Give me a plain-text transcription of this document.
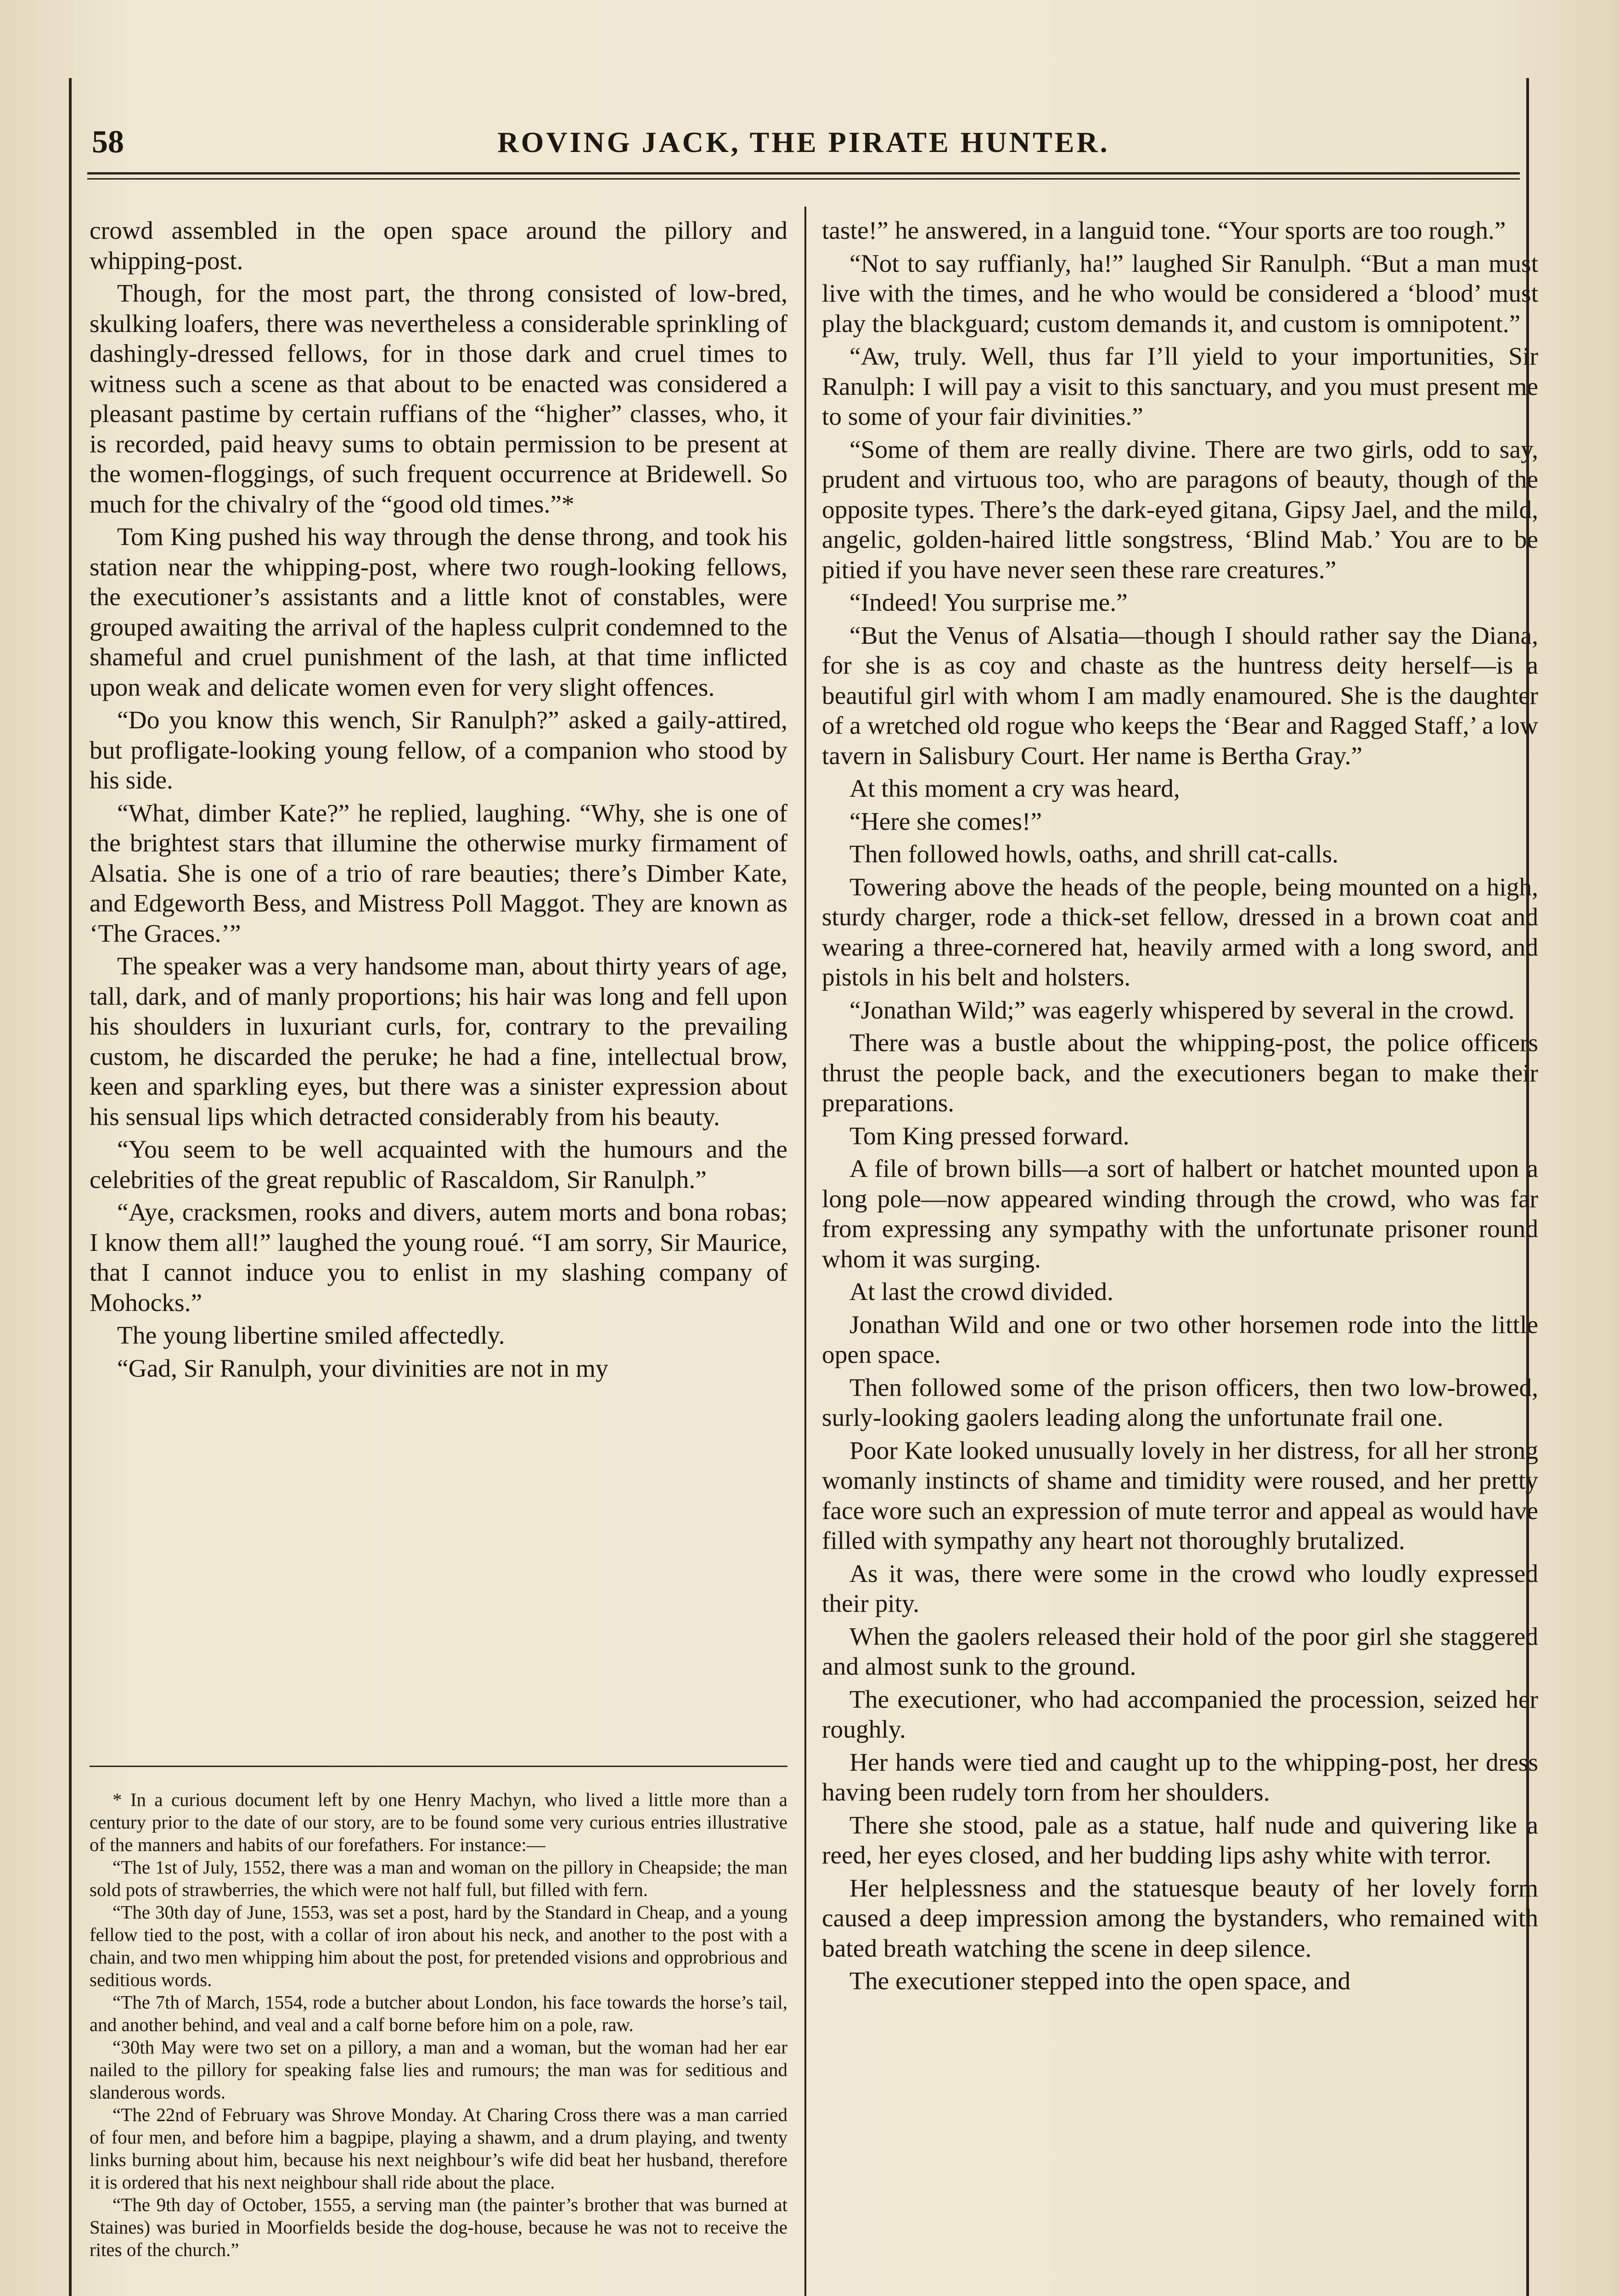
58	ROVING JACK, THE PIRATE HUNTER.

crowd assembled in the open space around the pillory and whipping-post.

Though, for the most part, the throng consisted of low-bred, skulking loafers, there was nevertheless a considerable sprinkling of dashingly-dressed fellows, for in those dark and cruel times to witness such a scene as that about to be enacted was considered a pleasant pastime by certain ruffians of the “higher” classes, who, it is recorded, paid heavy sums to obtain permission to be present at the women-floggings, of such frequent occurrence at Bridewell. So much for the chivalry of the “good old times.”*

Tom King pushed his way through the dense throng, and took his station near the whipping-post, where two rough-looking fellows, the executioner’s assistants and a little knot of constables, were grouped awaiting the arrival of the hapless culprit condemned to the shameful and cruel punishment of the lash, at that time inflicted upon weak and delicate women even for very slight offences.

“Do you know this wench, Sir Ranulph?” asked a gaily-attired, but profligate-looking young fellow, of a companion who stood by his side.

“What, dimber Kate?” he replied, laughing. “Why, she is one of the brightest stars that illumine the otherwise murky firmament of Alsatia. She is one of a trio of rare beauties; there’s Dimber Kate, and Edgeworth Bess, and Mistress Poll Maggot. They are known as ‘The Graces.’”

The speaker was a very handsome man, about thirty years of age, tall, dark, and of manly proportions; his hair was long and fell upon his shoulders in luxuriant curls, for, contrary to the prevailing custom, he discarded the peruke; he had a fine, intellectual brow, keen and sparkling eyes, but there was a sinister expression about his sensual lips which detracted considerably from his beauty.

“You seem to be well acquainted with the humours and the celebrities of the great republic of Rascaldom, Sir Ranulph.”

“Aye, cracksmen, rooks and divers, autem morts and bona robas; I know them all!” laughed the young roué. “I am sorry, Sir Maurice, that I cannot induce you to enlist in my slashing company of Mohocks.”

The young libertine smiled affectedly.

“Gad, Sir Ranulph, your divinities are not in my

* In a curious document left by one Henry Machyn, who lived a little more than a century prior to the date of our story, are to be found some very curious entries illustrative of the manners and habits of our forefathers. For instance:—

“The 1st of July, 1552, there was a man and woman on the pillory in Cheapside; the man sold pots of strawberries, the which were not half full, but filled with fern.

“The 30th day of June, 1553, was set a post, hard by the Standard in Cheap, and a young fellow tied to the post, with a collar of iron about his neck, and another to the post with a chain, and two men whipping him about the post, for pretended visions and opprobrious and seditious words.

“The 7th of March, 1554, rode a butcher about London, his face towards the horse’s tail, and another behind, and veal and a calf borne before him on a pole, raw.

“30th May were two set on a pillory, a man and a woman, but the woman had her ear nailed to the pillory for speaking false lies and rumours; the man was for seditious and slanderous words.

“The 22nd of February was Shrove Monday. At Charing Cross there was a man carried of four men, and before him a bagpipe, playing a shawm, and a drum playing, and twenty links burning about him, because his next neighbour’s wife did beat her husband, therefore it is ordered that his next neighbour shall ride about the place.

“The 9th day of October, 1555, a serving man (the painter’s brother that was burned at Staines) was buried in Moorfields beside the dog-house, because he was not to receive the rites of the church.”

taste!” he answered, in a languid tone. “Your sports are too rough.”

“Not to say ruffianly, ha!” laughed Sir Ranulph. “But a man must live with the times, and he who would be considered a ‘blood’ must play the blackguard; custom demands it, and custom is omnipotent.”

“Aw, truly. Well, thus far I’ll yield to your importunities, Sir Ranulph: I will pay a visit to this sanctuary, and you must present me to some of your fair divinities.”

“Some of them are really divine. There are two girls, odd to say, prudent and virtuous too, who are paragons of beauty, though of the opposite types. There’s the dark-eyed gitana, Gipsy Jael, and the mild, angelic, golden-haired little songstress, ‘Blind Mab.’ You are to be pitied if you have never seen these rare creatures.”

“Indeed! You surprise me.”

“But the Venus of Alsatia—though I should rather say the Diana, for she is as coy and chaste as the huntress deity herself—is a beautiful girl with whom I am madly enamoured. She is the daughter of a wretched old rogue who keeps the ‘Bear and Ragged Staff,’ a low tavern in Salisbury Court. Her name is Bertha Gray.”

At this moment a cry was heard,

“Here she comes!”

Then followed howls, oaths, and shrill cat-calls.

Towering above the heads of the people, being mounted on a high, sturdy charger, rode a thick-set fellow, dressed in a brown coat and wearing a three-cornered hat, heavily armed with a long sword, and pistols in his belt and holsters.

“Jonathan Wild;” was eagerly whispered by several in the crowd.

There was a bustle about the whipping-post, the police officers thrust the people back, and the executioners began to make their preparations.

Tom King pressed forward.

A file of brown bills—a sort of halbert or hatchet mounted upon a long pole—now appeared winding through the crowd, who was far from expressing any sympathy with the unfortunate prisoner round whom it was surging.

At last the crowd divided.

Jonathan Wild and one or two other horsemen rode into the little open space.

Then followed some of the prison officers, then two low-browed, surly-looking gaolers leading along the unfortunate frail one.

Poor Kate looked unusually lovely in her distress, for all her strong womanly instincts of shame and timidity were roused, and her pretty face wore such an expression of mute terror and appeal as would have filled with sympathy any heart not thoroughly brutalized.

As it was, there were some in the crowd who loudly expressed their pity.

When the gaolers released their hold of the poor girl she staggered and almost sunk to the ground.

The executioner, who had accompanied the procession, seized her roughly.

Her hands were tied and caught up to the whipping-post, her dress having been rudely torn from her shoulders.

There she stood, pale as a statue, half nude and quivering like a reed, her eyes closed, and her budding lips ashy white with terror.

Her helplessness and the statuesque beauty of her lovely form caused a deep impression among the bystanders, who remained with bated breath watching the scene in deep silence.

The executioner stepped into the open space, and
